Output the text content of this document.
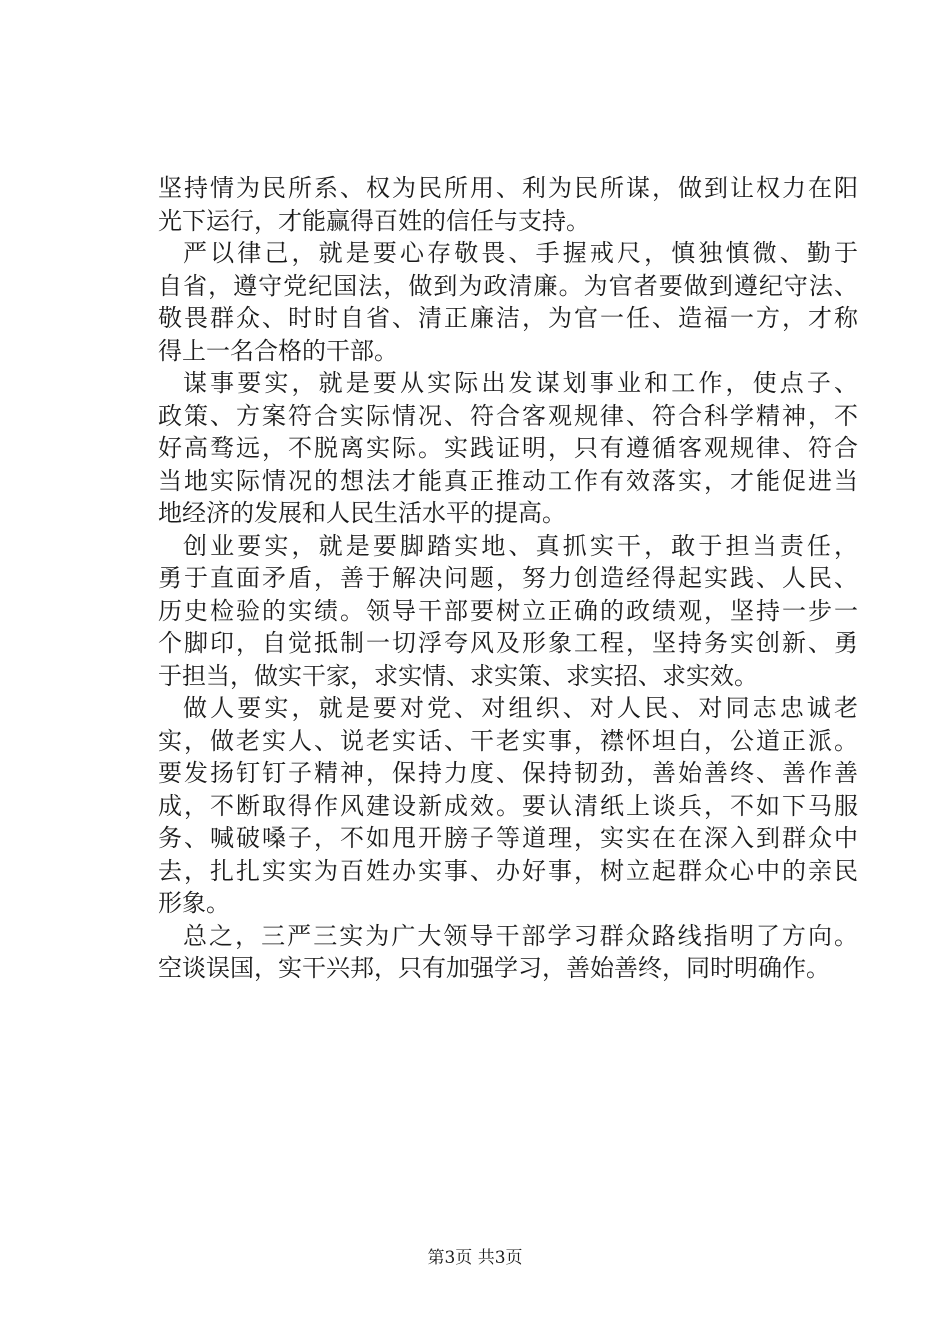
坚持情为民所系、权为民所用、利为民所谋，做到让权力在阳
光下运行，才能赢得百姓的信任与支持。
严以律己，就是要心存敬畏、手握戒尺，慎独慎微、勤于
自省，遵守党纪国法，做到为政清廉。为官者要做到遵纪守法、
敬畏群众、时时自省、清正廉洁，为官一任、造福一方，才称
得上一名合格的干部。
谋事要实，就是要从实际出发谋划事业和工作，使点子、
政策、方案符合实际情况、符合客观规律、符合科学精神，不
好高骛远，不脱离实际。实践证明，只有遵循客观规律、符合
当地实际情况的想法才能真正推动工作有效落实，才能促进当
地经济的发展和人民生活水平的提高。
创业要实，就是要脚踏实地、真抓实干，敢于担当责任，
勇于直面矛盾，善于解决问题，努力创造经得起实践、人民、
历史检验的实绩。领导干部要树立正确的政绩观，坚持一步一
个脚印，自觉抵制一切浮夸风及形象工程，坚持务实创新、勇
于担当，做实干家，求实情、求实策、求实招、求实效。
做人要实，就是要对党、对组织、对人民、对同志忠诚老
实，做老实人、说老实话、干老实事，襟怀坦白，公道正派。
要发扬钉钉子精神，保持力度、保持韧劲，善始善终、善作善
成，不断取得作风建设新成效。要认清纸上谈兵，不如下马服
务、喊破嗓子，不如甩开膀子等道理，实实在在深入到群众中
去，扎扎实实为百姓办实事、办好事，树立起群众心中的亲民
形象。
总之，三严三实为广大领导干部学习群众路线指明了方向。
空谈误国，实干兴邦，只有加强学习，善始善终，同时明确作。
第3页 共3页
